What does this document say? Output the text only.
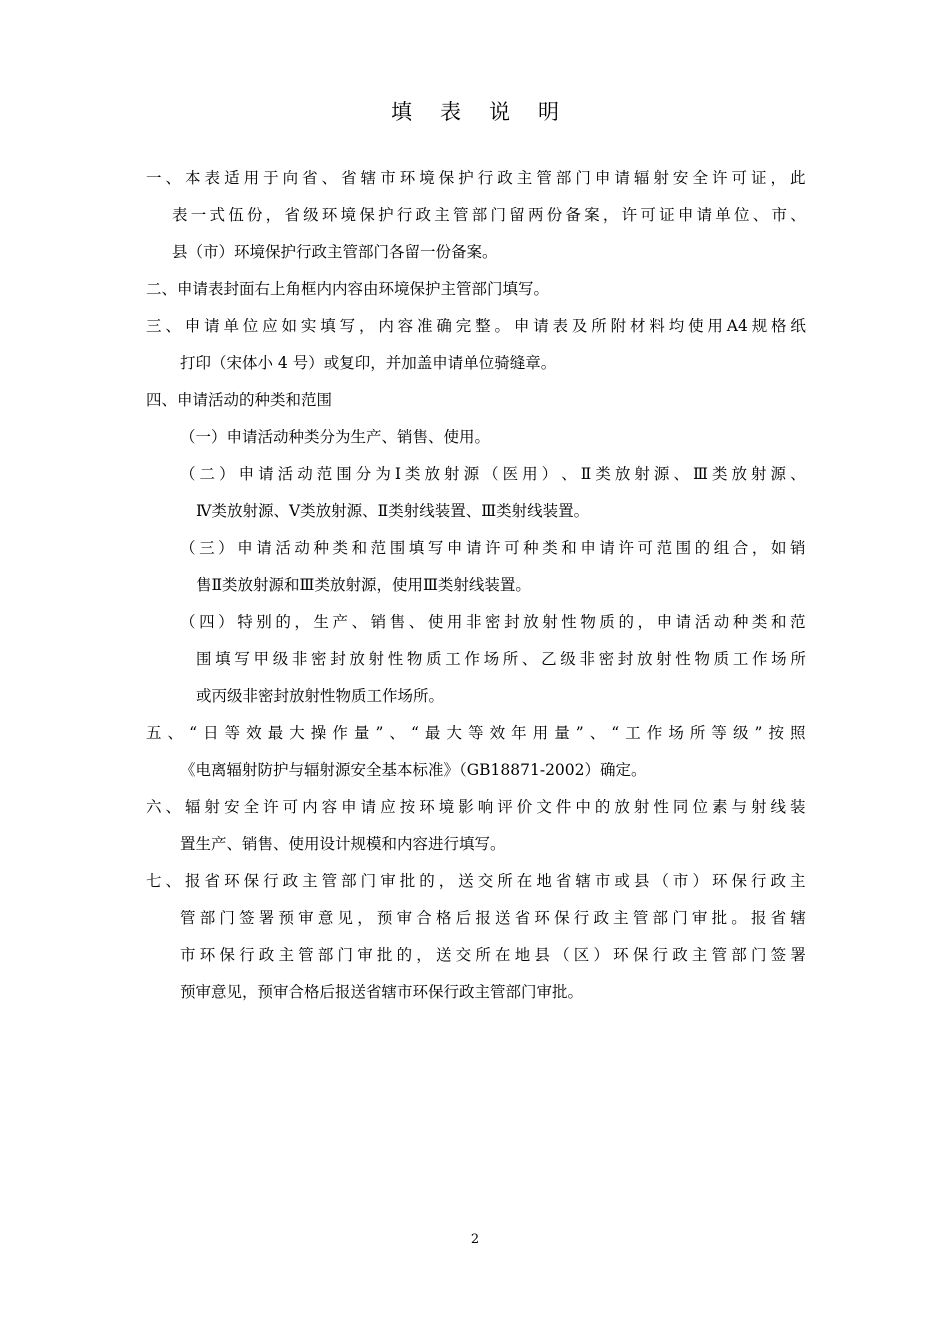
填表说明
一 、 本 表 适 用 于 向 省 、 省 辖 市 环 境 保 护 行 政 主 管 部 门 申 请 辐 射 安 全 许 可 证 ， 此
表 一 式 伍 份 ， 省 级 环 境 保 护 行 政 主 管 部 门 留 两 份 备 案 ， 许 可 证 申 请 单 位 、 市 、
县（市）环境保护行政主管部门各留一份备案。
二、申请表封面右上角框内内容由环境保护主管部门填写。
三 、 申 请 单 位 应 如 实 填 写 ， 内 容 准 确 完 整 。 申 请 表 及 所 附 材 料 均 使 用 A4 规 格 纸
打印（宋体小 4 号）或复印，并加盖申请单位骑缝章。
四、申请活动的种类和范围
（一）申请活动种类分为生产、销售、使用。
（ 二 ） 申 请 活 动 范 围 分 为 Ⅰ 类 放 射 源 （ 医 用 ） 、 Ⅱ 类 放 射 源 、 Ⅲ 类 放 射 源 、
Ⅳ类放射源、Ⅴ类放射源、Ⅱ类射线装置、Ⅲ类射线装置。
（ 三 ） 申 请 活 动 种 类 和 范 围 填 写 申 请 许 可 种 类 和 申 请 许 可 范 围 的 组 合 ， 如 销
售Ⅱ类放射源和Ⅲ类放射源，使用Ⅲ类射线装置。
（ 四 ） 特 别 的 ， 生 产 、 销 售 、 使 用 非 密 封 放 射 性 物 质 的 ， 申 请 活 动 种 类 和 范
围 填 写 甲 级 非 密 封 放 射 性 物 质 工 作 场 所 、 乙 级 非 密 封 放 射 性 物 质 工 作 场 所
或丙级非密封放射性物质工作场所。
五 、 “ 日 等 效 最 大 操 作 量 ” 、 “ 最 大 等 效 年 用 量 ” 、 “ 工 作 场 所 等 级 ” 按 照
《电离辐射防护与辐射源安全基本标准》（GB18871-2002）确定。
六 、 辐 射 安 全 许 可 内 容 申 请 应 按 环 境 影 响 评 价 文 件 中 的 放 射 性 同 位 素 与 射 线 装
置生产、销售、使用设计规模和内容进行填写。
七 、 报 省 环 保 行 政 主 管 部 门 审 批 的 ， 送 交 所 在 地 省 辖 市 或 县 （ 市 ） 环 保 行 政 主
管 部 门 签 署 预 审 意 见 ， 预 审 合 格 后 报 送 省 环 保 行 政 主 管 部 门 审 批 。 报 省 辖
市 环 保 行 政 主 管 部 门 审 批 的 ， 送 交 所 在 地 县 （ 区 ） 环 保 行 政 主 管 部 门 签 署
预审意见，预审合格后报送省辖市环保行政主管部门审批。
2
